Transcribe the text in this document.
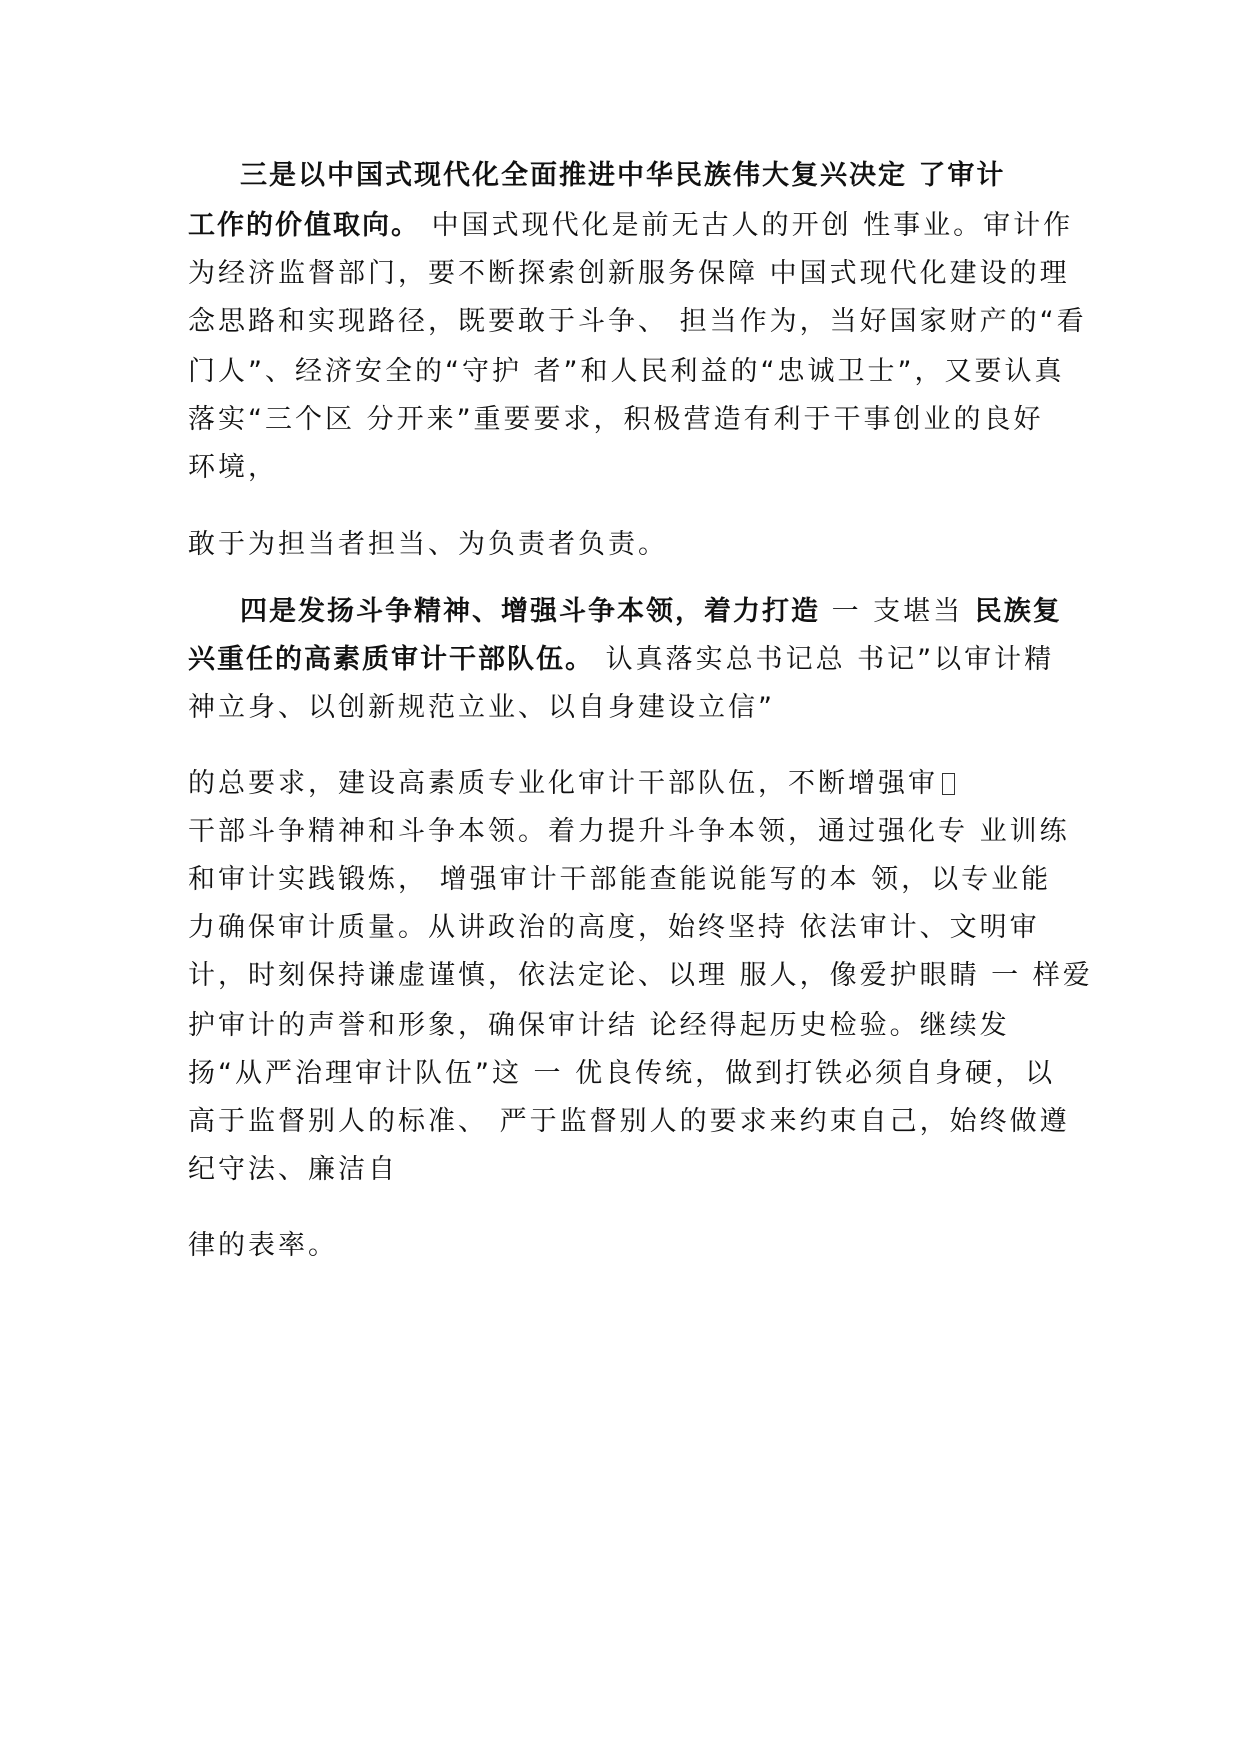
三是以中国式现代化全面推进中华民族伟大复兴决定 了审计

工作的价值取向。 中国式现代化是前无古人的开创 性事业。审计作

为经济监督部门，要不断探索创新服务保障 中国式现代化建设的理

念思路和实现路径，既要敢于斗争、 担当作为，当好国家财产的“看

门人”、经济安全的“守护 者”和人民利益的“忠诚卫士”，又要认真

落实“三个区 分开来”重要要求，积极营造有利于干事创业的良好

环境，

敢于为担当者担当、为负责者负责。

四是发扬斗争精神、增强斗争本领，着力打造 一 支堪当 民族复

兴重任的高素质审计干部队伍。 认真落实总书记总 书记”以审计精

神立身、以创新规范立业、以自身建设立信”

的总要求，建设高素质专业化审计干部队伍，不断增强审

干部斗争精神和斗争本领。着力提升斗争本领，通过强化专 业训练

和审计实践锻炼， 增强审计干部能查能说能写的本 领，以专业能

力确保审计质量。从讲政治的高度，始终坚持 依法审计、文明审

计，时刻保持谦虚谨慎，依法定论、以理 服人，像爱护眼睛 一 样爱

护审计的声誉和形象，确保审计结 论经得起历史检验。继续发

扬“从严治理审计队伍”这 一 优良传统，做到打铁必须自身硬，以

高于监督别人的标准、 严于监督别人的要求来约束自己，始终做遵

纪守法、廉洁自

律的表率。
